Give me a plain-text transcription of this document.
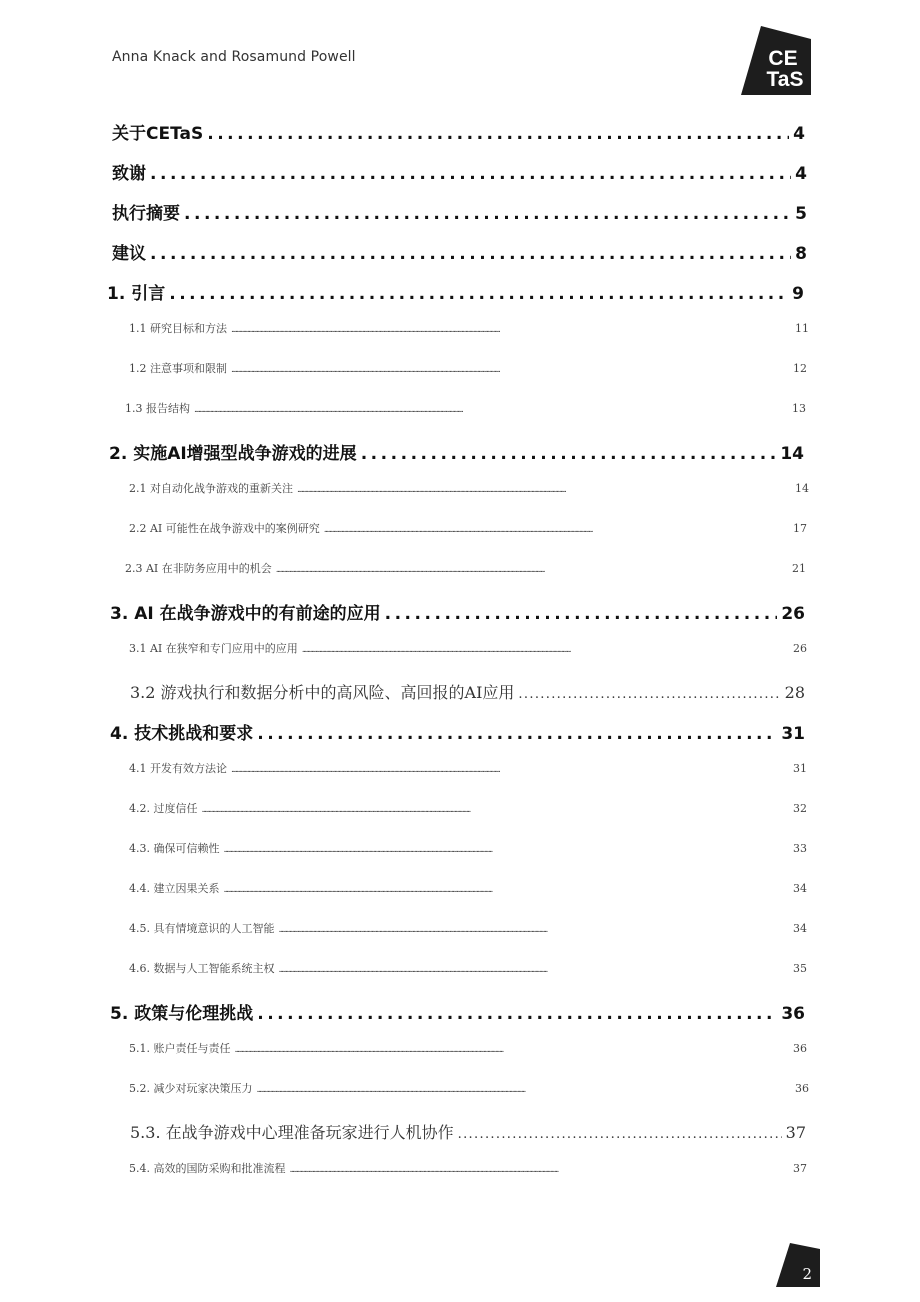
Anna Knack and Rosamund Powell	CE
TaS
关于CETaS . . .	4
致谢 . . .	4
执行摘要 . . .	5
建议 . . .	8
1. 引言 . . .	9
1.1 研究目标和方法 . . .	11
1.2 注意事项和限制 . . .	12
1.3 报告结构 . . .	13
2. 实施AI增强型战争游戏的进展 . . .	14
2.1 对自动化战争游戏的重新关注 . . .	14
2.2 AI 可能性在战争游戏中的案例研究 . . .	17
2.3 AI 在非防务应用中的机会 . . .	21
3. AI 在战争游戏中的有前途的应用 . . .	26
3.1 AI 在狭窄和专门应用中的应用 . . .	26
3.2 游戏执行和数据分析中的高风险、高回报的AI应用 . . .	28
4. 技术挑战和要求 . . .	31
4.1 开发有效方法论 . . .	31
4.2. 过度信任 . . .	32
4.3. 确保可信赖性 . . .	33
4.4. 建立因果关系 . . .	34
4.5. 具有情境意识的人工智能 . . .	34
4.6. 数据与人工智能系统主权 . . .	35
5. 政策与伦理挑战 . . .	36
5.1. 账户责任与责任 . . .	36
5.2. 减少对玩家决策压力 . . .	36
5.3. 在战争游戏中心理准备玩家进行人机协作 . . .	37
5.4. 高效的国防采购和批准流程 . . .	37
2
